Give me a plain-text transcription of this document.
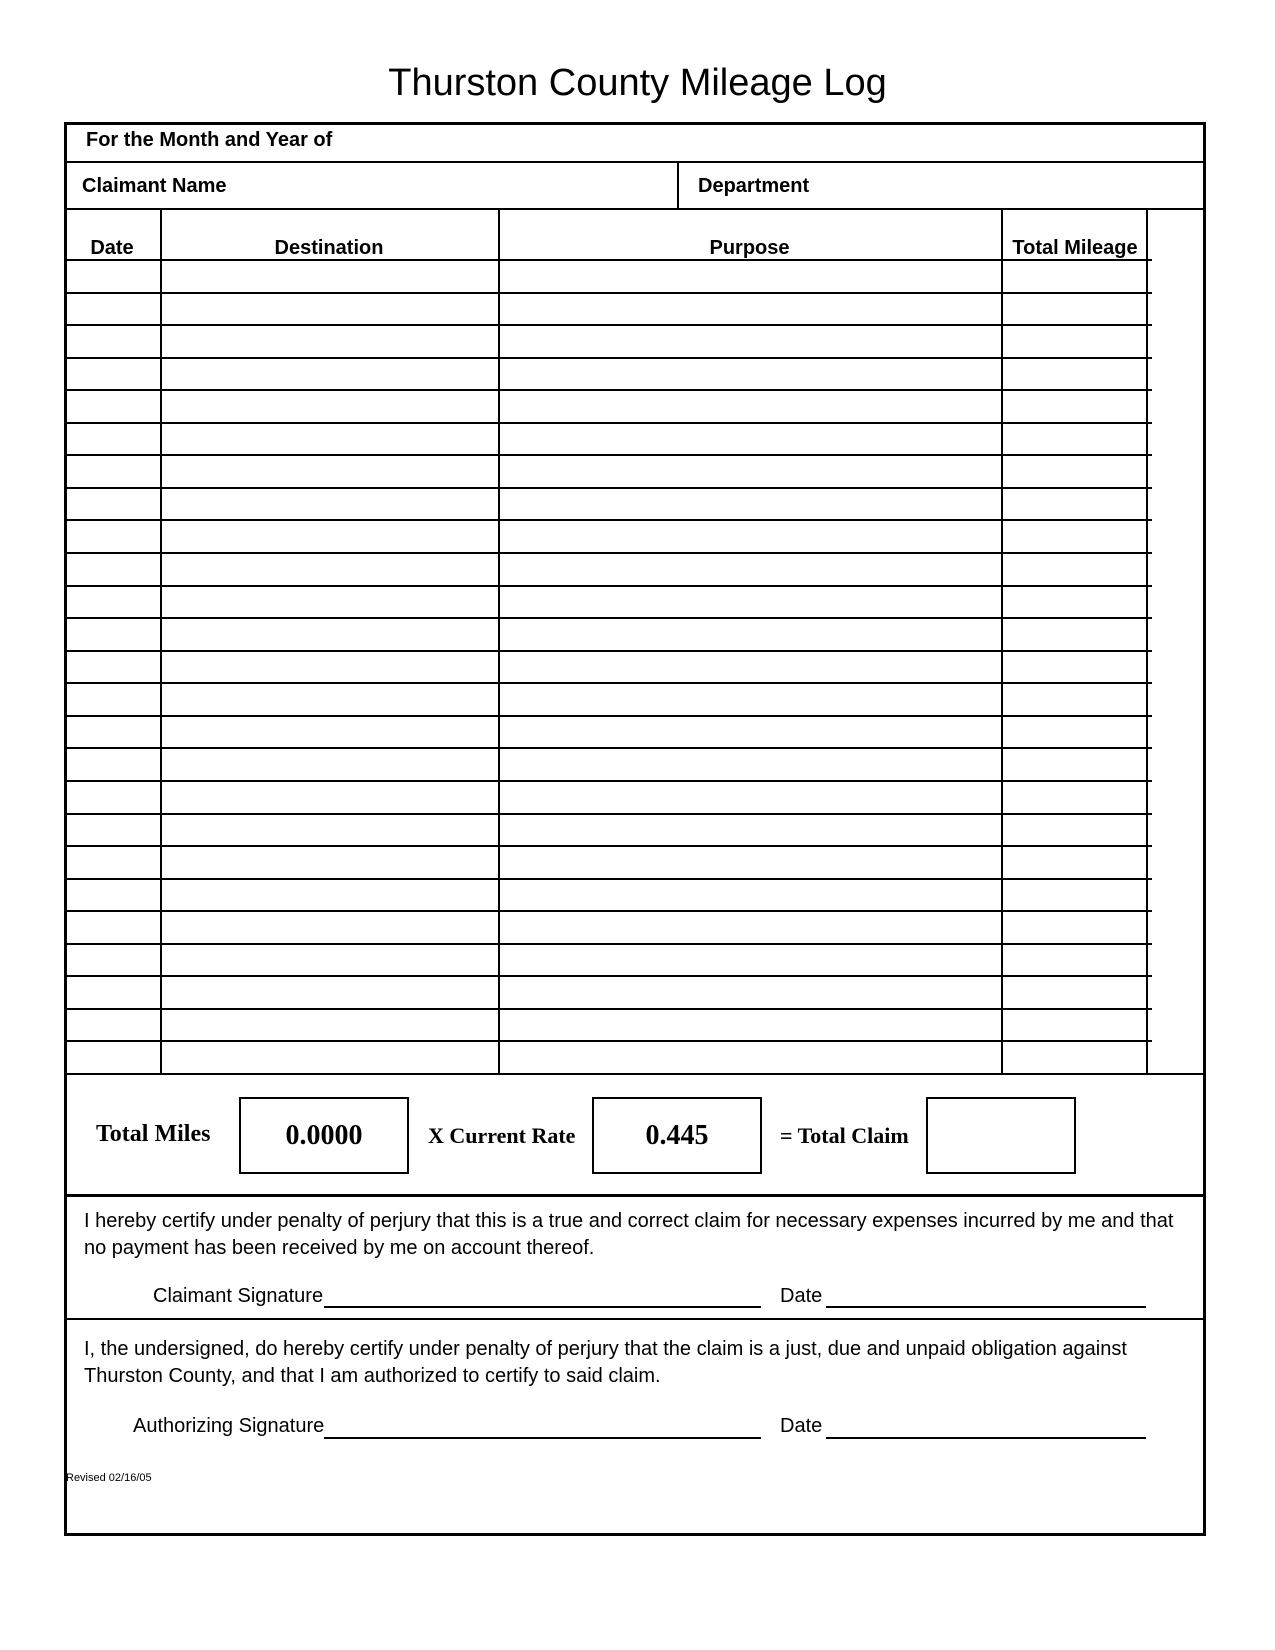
Thurston County Mileage Log
For the Month and Year of
Claimant Name	Department
Date	Destination	Purpose	Total Mileage
Total Miles	0.0000	X Current Rate	0.445	= Total Claim
I hereby certify under penalty of perjury that this is a true and correct claim for necessary expenses incurred by me and that no payment has been received by me on account thereof.
Claimant Signature	Date
I, the undersigned, do hereby certify under penalty of perjury that the claim is a just, due and unpaid obligation against Thurston County, and that I am authorized to certify to said claim.
Authorizing Signature	Date
Revised 02/16/05
